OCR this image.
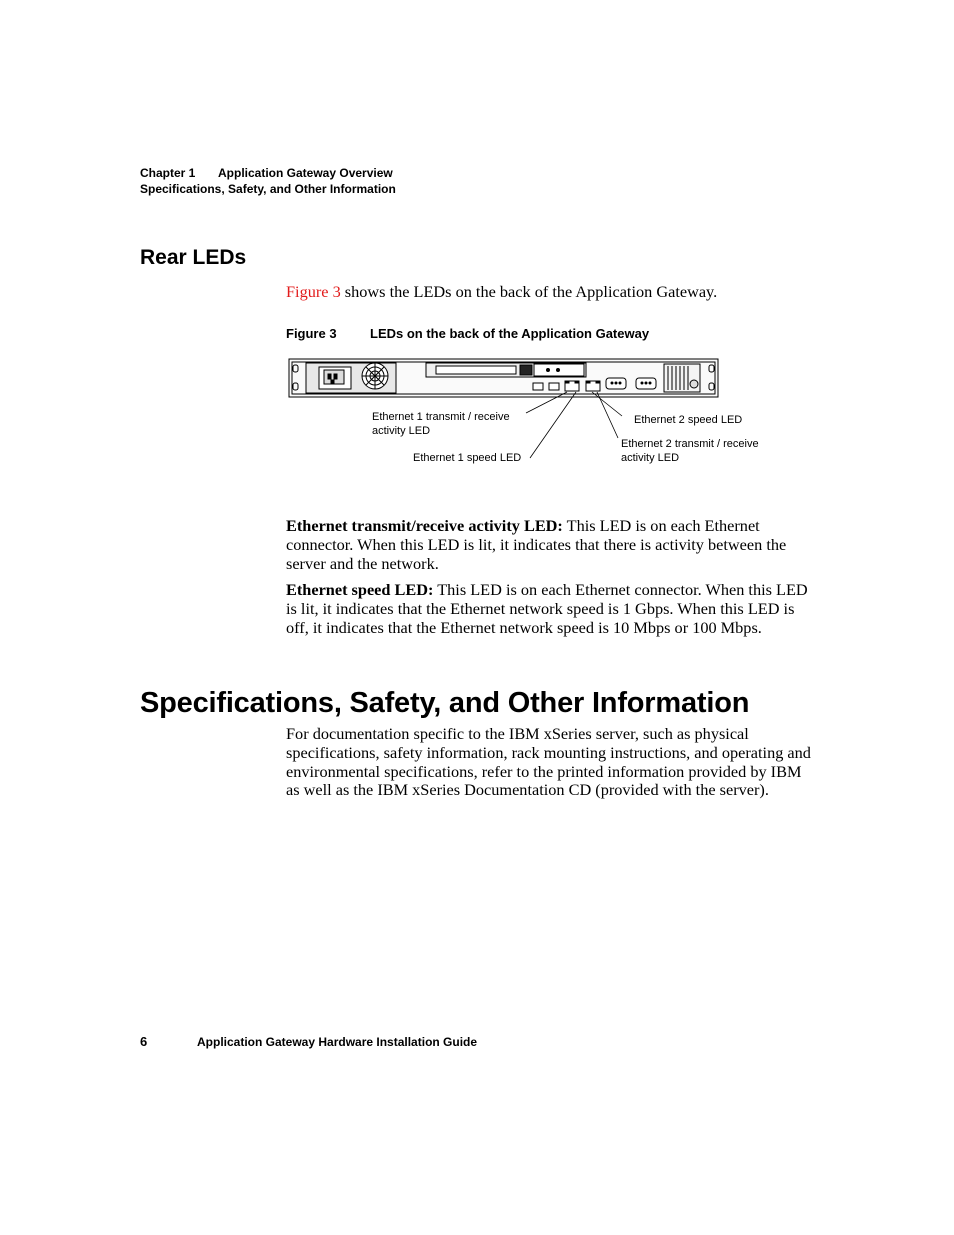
Chapter 1 Application Gateway Overview
Specifications, Safety, and Other Information
Rear LEDs

Figure 3 shows the LEDs on the back of the Application Gateway.

Figure 3	LEDs on the back of the Application Gateway
Ethernet 1 transmit / receive
activity LED
Ethernet 1 speed LED
Ethernet 2 speed LED
Ethernet 2 transmit / receive
activity LED

Ethernet transmit/receive activity LED: This LED is on each Ethernet connector. When this LED is lit, it indicates that there is activity between the server and the network.

Ethernet speed LED: This LED is on each Ethernet connector. When this LED is lit, it indicates that the Ethernet network speed is 1 Gbps. When this LED is off, it indicates that the Ethernet network speed is 10 Mbps or 100 Mbps.

Specifications, Safety, and Other Information

For documentation specific to the IBM xSeries server, such as physical specifications, safety information, rack mounting instructions, and operating and environmental specifications, refer to the printed information provided by IBM as well as the IBM xSeries Documentation CD (provided with the server).

6	Application Gateway Hardware Installation Guide
